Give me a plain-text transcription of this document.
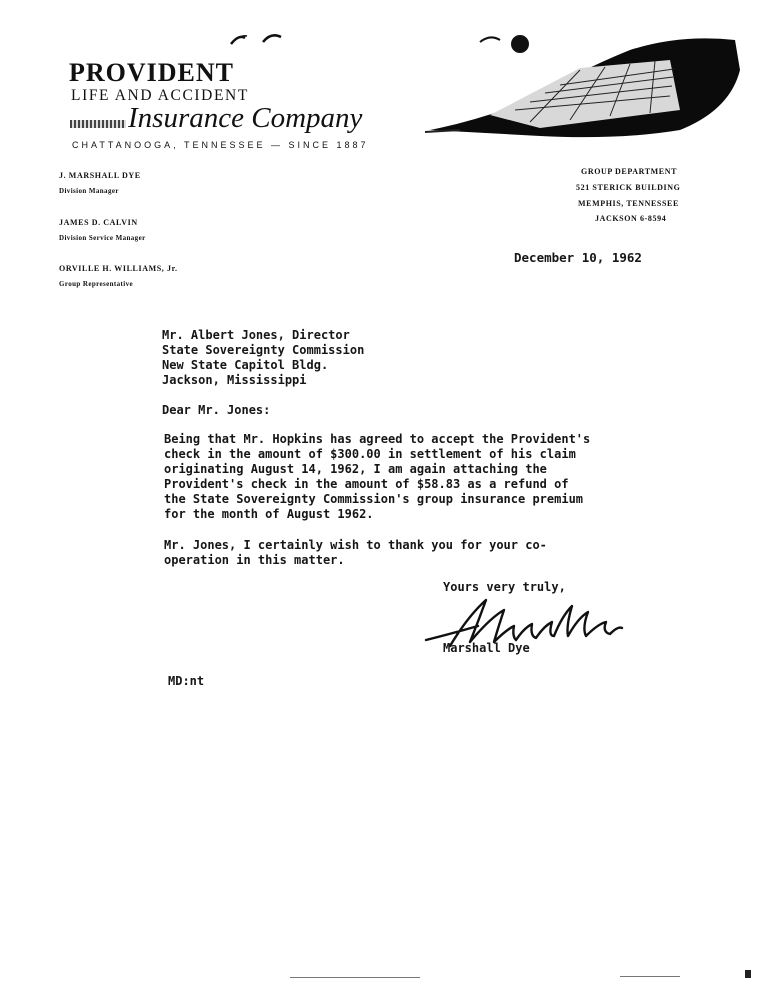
PROVIDENT
LIFE AND ACCIDENT
Insurance Company
CHATTANOOGA, TENNESSEE — SINCE 1887
J. MARSHALL DYE
Division Manager
JAMES D. CALVIN
Division Service Manager
ORVILLE H. WILLIAMS, Jr.
Group Representative
GROUP DEPARTMENT
521 STERICK BUILDING
MEMPHIS, TENNESSEE
JACKSON 6-8594
December 10, 1962
Mr. Albert Jones, Director
State Sovereignty Commission
New State Capitol Bldg.
Jackson, Mississippi
Dear Mr. Jones:
Being that Mr. Hopkins has agreed to accept the Provident's
check in the amount of $300.00 in settlement of his claim
originating August 14, 1962, I am again attaching the
Provident's check in the amount of $58.83 as a refund of
the State Sovereignty Commission's group insurance premium
for the month of August 1962.
Mr. Jones, I certainly wish to thank you for your co-
operation in this matter.
Yours very truly,
Marshall Dye
MD:nt
